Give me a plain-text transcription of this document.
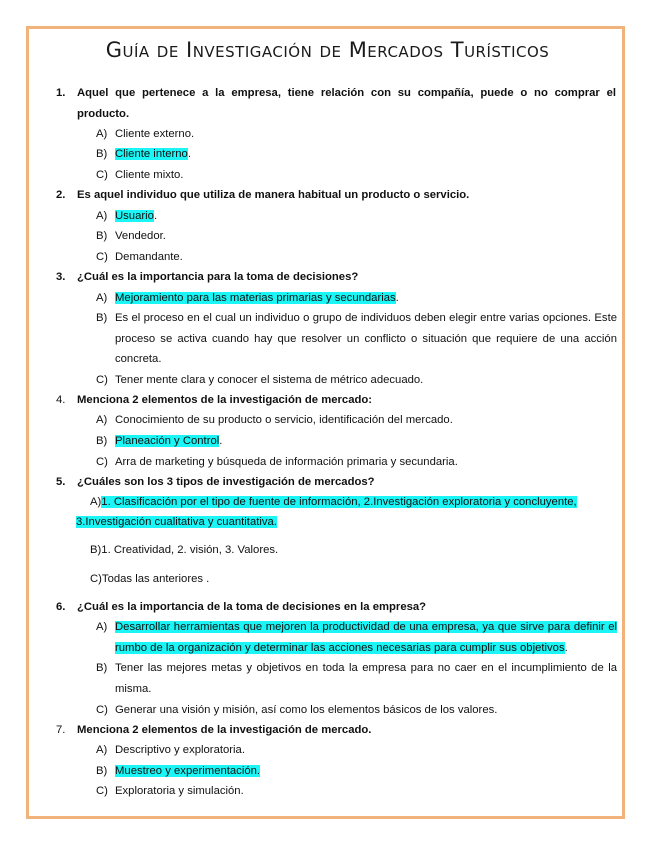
Guía de Investigación de Mercados Turísticos
1.	Aquel que pertenece a la empresa, tiene relación con su compañía, puede o no comprar el producto.
A) Cliente externo.
B) Cliente interno.
C) Cliente mixto.
2.	Es aquel individuo que utiliza de manera habitual un producto o servicio.
A) Usuario.
B) Vendedor.
C) Demandante.
3.	¿Cuál es la importancia para la toma de decisiones?
A) Mejoramiento para las materias primarias y secundarias.
B) Es el proceso en el cual un individuo o grupo de individuos deben elegir entre varias opciones. Este proceso se activa cuando hay que resolver un conflicto o situación que requiere de una acción concreta.
C) Tener mente clara y conocer el sistema de métrico adecuado.
4.	Menciona 2 elementos de la investigación de mercado:
A) Conocimiento de su producto o servicio, identificación del mercado.
B) Planeación y Control.
C) Arra de marketing y búsqueda de información primaria y secundaria.
5.	¿Cuáles son los 3 tipos de investigación de mercados?
A)1. Clasificación por el tipo de fuente de información, 2.Investigación exploratoria y concluyente,
3.Investigación cualitativa y cuantitativa.
B)1. Creatividad, 2. visión, 3. Valores.
C)Todas las anteriores .
6.	¿Cuál es la importancia de la toma de decisiones en la empresa?
A) Desarrollar herramientas que mejoren la productividad de una empresa, ya que sirve para definir el rumbo de la organización y determinar las acciones necesarias para cumplir sus objetivos.
B) Tener las mejores metas y objetivos en toda la empresa para no caer en el incumplimiento de la misma.
C) Generar una visión y misión, así como los elementos básicos de los valores.
7.	Menciona 2 elementos de la investigación de mercado.
A) Descriptivo y exploratoria.
B) Muestreo y experimentación.
C) Exploratoria y simulación.
